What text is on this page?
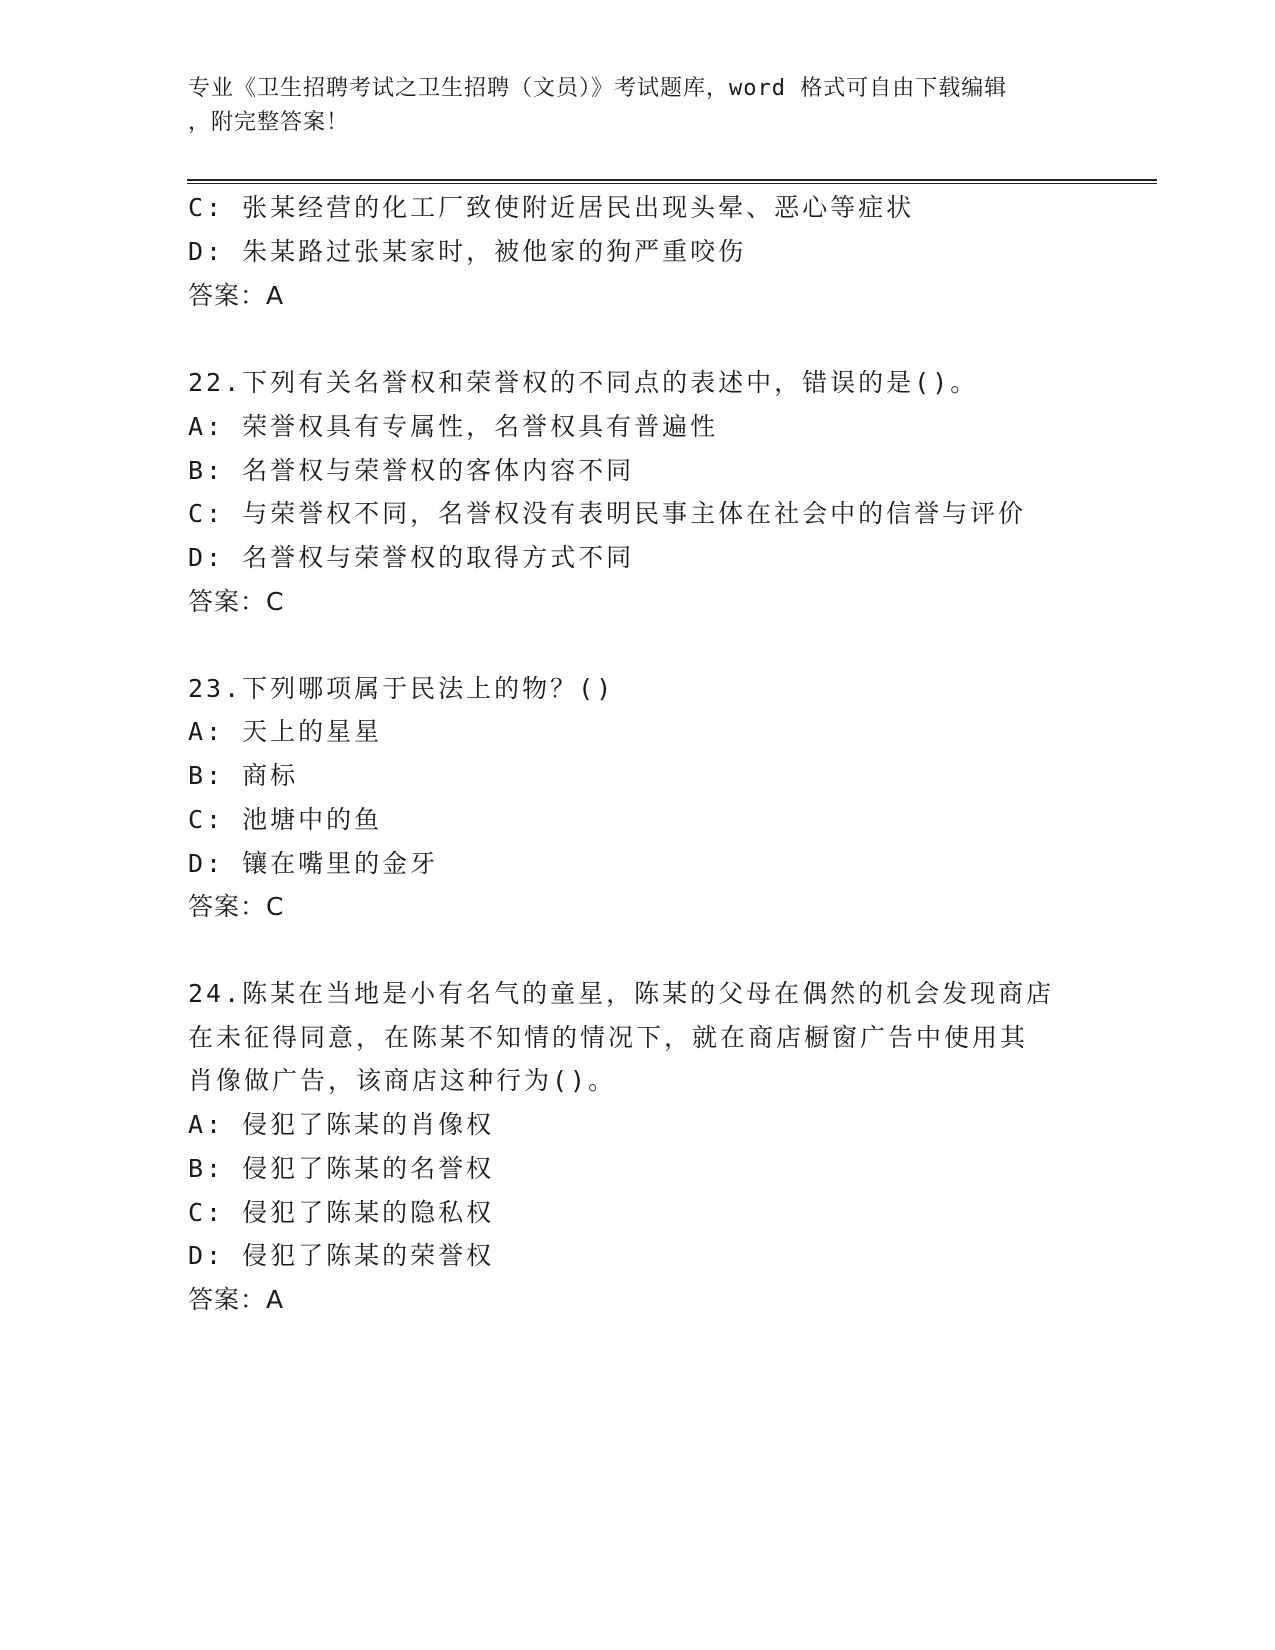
专业《卫生招聘考试之卫生招聘（文员）》考试题库，word 格式可自由下载编辑
，附完整答案！
C: 张某经营的化工厂致使附近居民出现头晕、恶心等症状
D: 朱某路过张某家时，被他家的狗严重咬伤
答案：A
22.下列有关名誉权和荣誉权的不同点的表述中，错误的是()。
A: 荣誉权具有专属性，名誉权具有普遍性
B: 名誉权与荣誉权的客体内容不同
C: 与荣誉权不同，名誉权没有表明民事主体在社会中的信誉与评价
D: 名誉权与荣誉权的取得方式不同
答案：C
23.下列哪项属于民法上的物？()
A: 天上的星星
B: 商标
C: 池塘中的鱼
D: 镶在嘴里的金牙
答案：C
24.陈某在当地是小有名气的童星，陈某的父母在偶然的机会发现商店
在未征得同意，在陈某不知情的情况下，就在商店橱窗广告中使用其
肖像做广告，该商店这种行为()。
A: 侵犯了陈某的肖像权
B: 侵犯了陈某的名誉权
C: 侵犯了陈某的隐私权
D: 侵犯了陈某的荣誉权
答案：A
